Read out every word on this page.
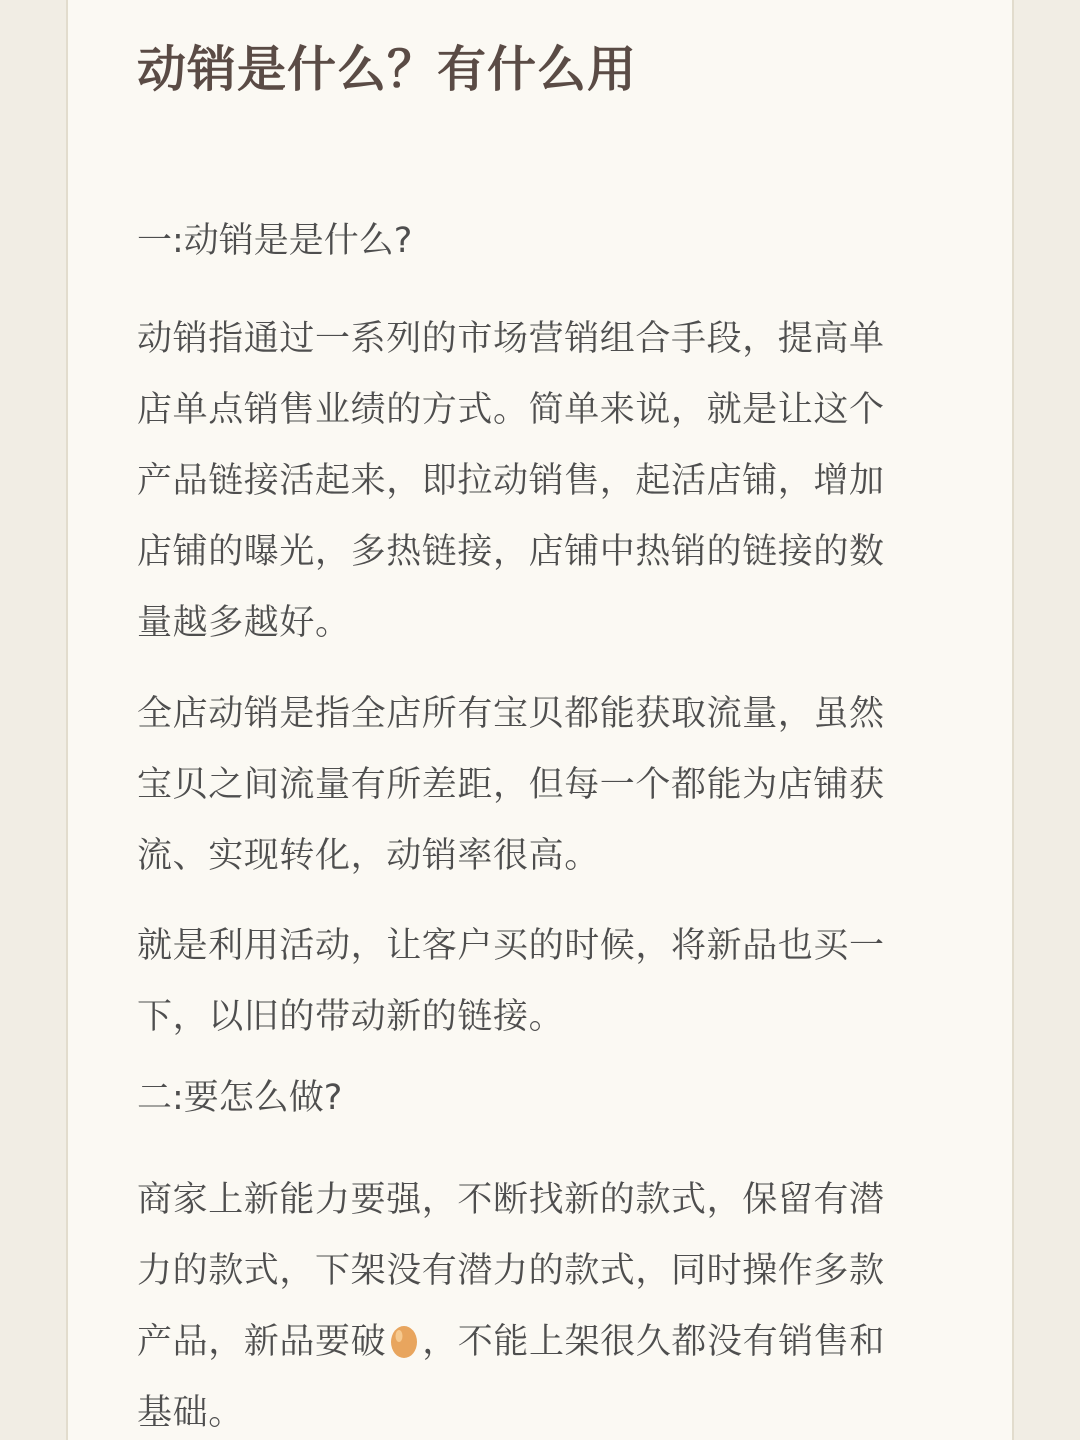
动销是什么？有什么用

一:动销是是什么?

动销指通过一系列的市场营销组合手段，提高单
店单点销售业绩的方式。简单来说，就是让这个
产品链接活起来，即拉动销售，起活店铺，增加
店铺的曝光，多热链接，店铺中热销的链接的数
量越多越好。

全店动销是指全店所有宝贝都能获取流量，虽然
宝贝之间流量有所差距，但每一个都能为店铺获
流、实现转化，动销率很高。

就是利用活动，让客户买的时候，将新品也买一
下，以旧的带动新的链接。

二:要怎么做?

商家上新能力要强，不断找新的款式，保留有潜
力的款式，下架没有潜力的款式，同时操作多款
产品，新品要破 ，不能上架很久都没有销售和
基础。
